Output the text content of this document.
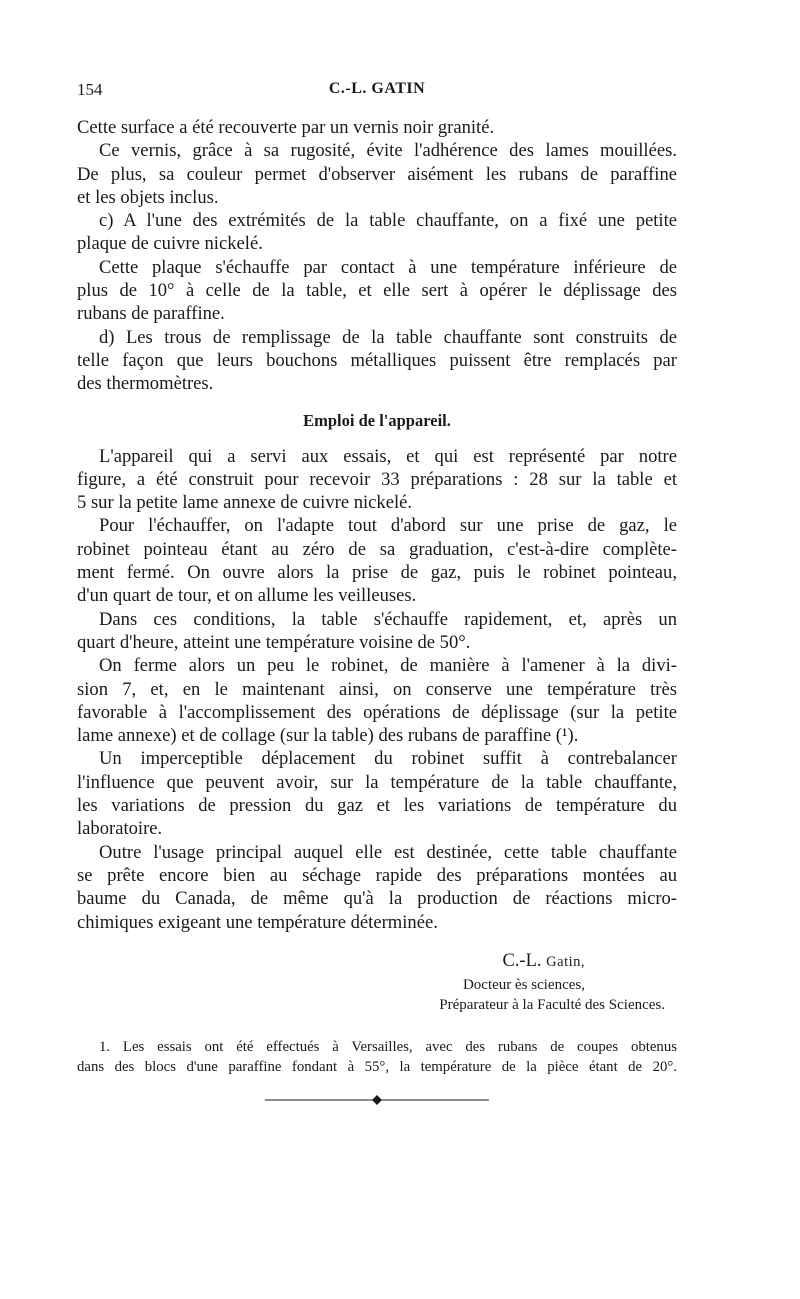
154	C.-L. GATIN
Cette surface a été recouverte par un vernis noir granité.
Ce vernis, grâce à sa rugosité, évite l'adhérence des lames mouillées.
De plus, sa couleur permet d'observer aisément les rubans de paraffine
et les objets inclus.
c) A l'une des extrémités de la table chauffante, on a fixé une petite
plaque de cuivre nickelé.
Cette plaque s'échauffe par contact à une température inférieure de
plus de 10° à celle de la table, et elle sert à opérer le déplissage des
rubans de paraffine.
d) Les trous de remplissage de la table chauffante sont construits de
telle façon que leurs bouchons métalliques puissent être remplacés par
des thermomètres.
Emploi de l'appareil.
L'appareil qui a servi aux essais, et qui est représenté par notre
figure, a été construit pour recevoir 33 préparations : 28 sur la table et
5 sur la petite lame annexe de cuivre nickelé.
Pour l'échauffer, on l'adapte tout d'abord sur une prise de gaz, le
robinet pointeau étant au zéro de sa graduation, c'est-à-dire complète-
ment fermé. On ouvre alors la prise de gaz, puis le robinet pointeau,
d'un quart de tour, et on allume les veilleuses.
Dans ces conditions, la table s'échauffe rapidement, et, après un
quart d'heure, atteint une température voisine de 50°.
On ferme alors un peu le robinet, de manière à l'amener à la divi-
sion 7, et, en le maintenant ainsi, on conserve une température très
favorable à l'accomplissement des opérations de déplissage (sur la petite
lame annexe) et de collage (sur la table) des rubans de paraffine (¹).
Un imperceptible déplacement du robinet suffit à contrebalancer
l'influence que peuvent avoir, sur la température de la table chauffante,
les variations de pression du gaz et les variations de température du
laboratoire.
Outre l'usage principal auquel elle est destinée, cette table chauffante
se prête encore bien au séchage rapide des préparations montées au
baume du Canada, de même qu'à la production de réactions micro-
chimiques exigeant une température déterminée.
C.-L. Gatin,
Docteur ès sciences,
Préparateur à la Faculté des Sciences.
1. Les essais ont été effectués à Versailles, avec des rubans de coupes obtenus
dans des blocs d'une paraffine fondant à 55°, la température de la pièce étant de 20°.
